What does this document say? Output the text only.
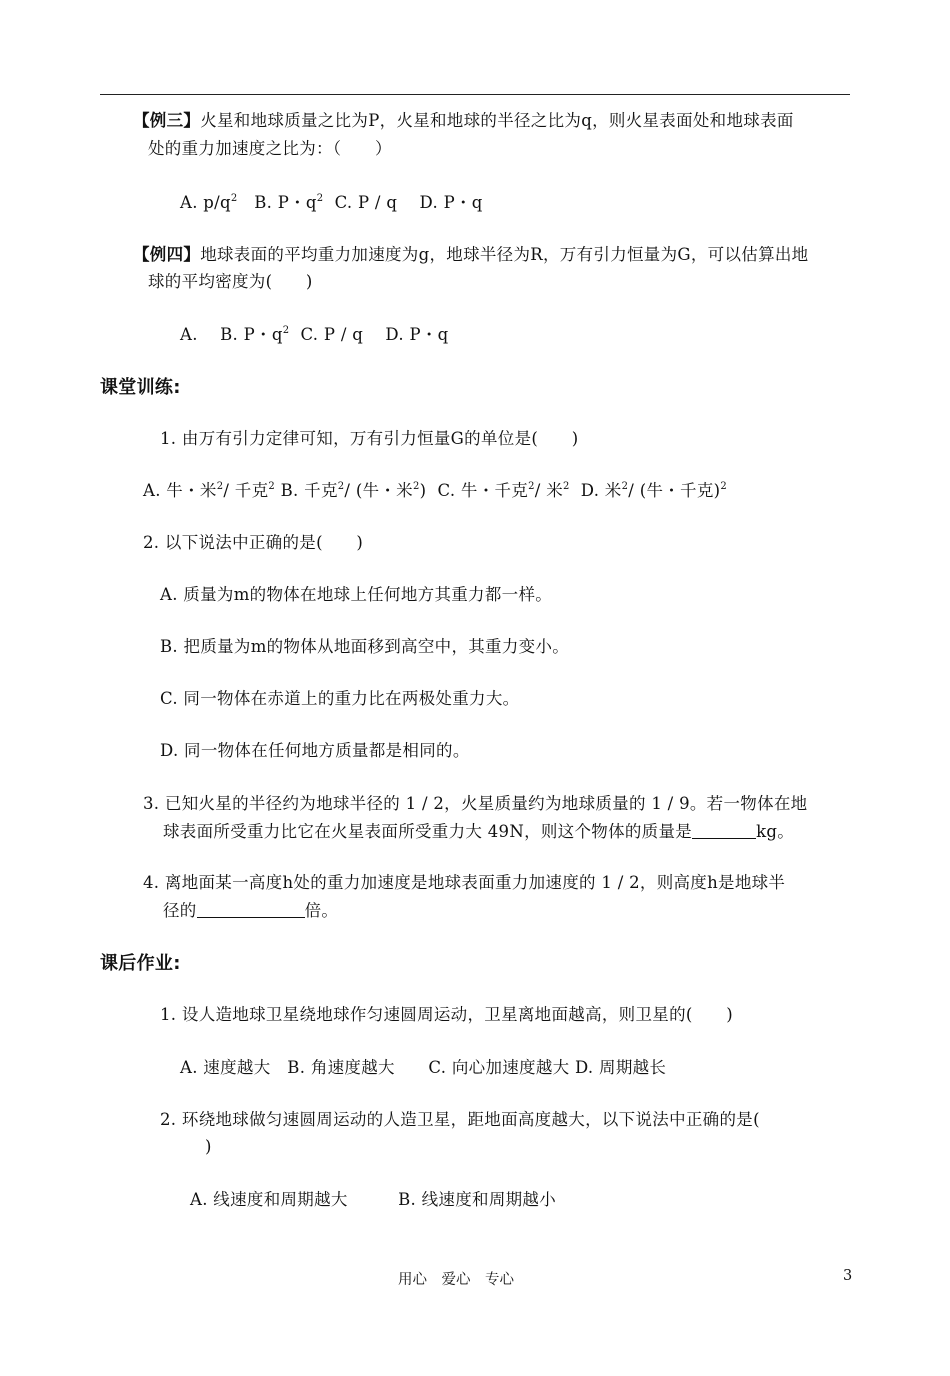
【例三】火星和地球质量之比为P，火星和地球的半径之比为q，则火星表面处和地球表面
处的重力加速度之比为：（　　）
A. $p/q^2$ B. P・$q^2$ C. P / q　 D. P・q
【例四】地球表面的平均重力加速度为g，地球半径为R，万有引力恒量为G，可以估算出地
球的平均密度为(　　)
A.　 B. P・$q^2$ C. P / q　 D. P・q
课堂训练:
1. 由万有引力定律可知，万有引力恒量G的单位是(　　)
A. 牛・米$^2$/ 千克$^2$ B. 千克$^2$/ (牛・米$^2$) C. 牛・千克$^2$/ 米$^2$ D. 米$^2$/ (牛・千克)$^2$
2. 以下说法中正确的是(　　)
A. 质量为m的物体在地球上任何地方其重力都一样。
B. 把质量为m的物体从地面移到高空中，其重力变小。
C. 同一物体在赤道上的重力比在两极处重力大。
D. 同一物体在任何地方质量都是相同的。
3. 已知火星的半径约为地球半径的 1 / 2，火星质量约为地球质量的 1 / 9。若一物体在地
球表面所受重力比它在火星表面所受重力大 49N，则这个物体的质量是	kg。
4. 离地面某一高度h处的重力加速度是地球表面重力加速度的 1 / 2，则高度h是地球半
径的	倍。
课后作业:
1. 设人造地球卫星绕地球作匀速圆周运动，卫星离地面越高，则卫星的(　　)
A. 速度越大　B. 角速度越大　　C. 向心加速度越大 D. 周期越长
2. 环绕地球做匀速圆周运动的人造卫星，距地面高度越大，以下说法中正确的是(
)
A. 线速度和周期越大　　　B. 线速度和周期越小
用心　爱心　专心	3
